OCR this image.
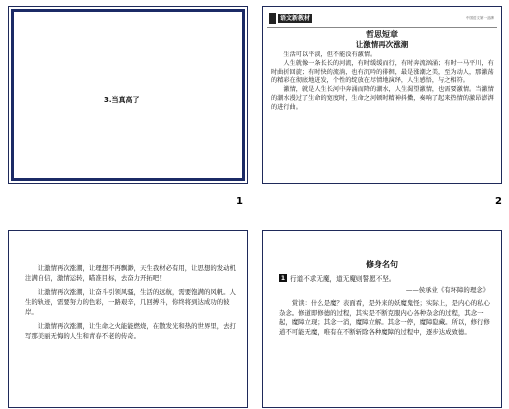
3.当真高了
1
语文新教材	中国语文第一品牌
哲思短章
让激情再次涨潮

生活可以平淡，但不能没有激情。

人生就像一条长长的河流，有时缓缓而行，有时奔流汹涌；有时一马平川，有时曲折回旋；有时快的流淌，也有沉吟的徘徊，最是涨潮之美，至为动人，那激荡的精彩在彻底地迸发，个性的绽放在尽情地演绎，人生感悟，与之相符。

激情，就是人生长河中奔涌而降的潮水，人生渴望激情，也需要激情。当激情的潮水漫过了生命的宽度时，生命之河顿时精神抖擞，奏响了起来热情的激昂澎湃的进行曲。

2

让激情再次涨潮，让理想不再飘渺，天生我材必有用，让思想的发动机注满自信，激情运转，瞄准目标，去奋力开拓吧！

让激情再次涨潮，让奋斗引领风骚，生活的远航，需要饱满的风帆。人生的轨迹，需要努力的色彩，一路艰辛，几回搏斗，你终将到达成功的彼岸。

让激情再次涨潮，让生命之火能能燃烧，在散发光和热的世界里，去打写那美丽无悔的人生和青春不老的传奇。

修身名句
1 行道不求无魔，道无魔则誓愿不坚。
——侯承业《有坏障的理念》

赏读：什么是魔？表面看，是外来的妖魔鬼怪；实际上，是内心的私心杂念。修道即修德的过程，其实是不断克服内心各种杂念的过程，其念一起，魔障立现；其念一消，魔障立解。其念一停，魔障隐藏。所以，修行修道不可能无魔，唯有在不断斩除各种魔障的过程中，逐步达成致德。
